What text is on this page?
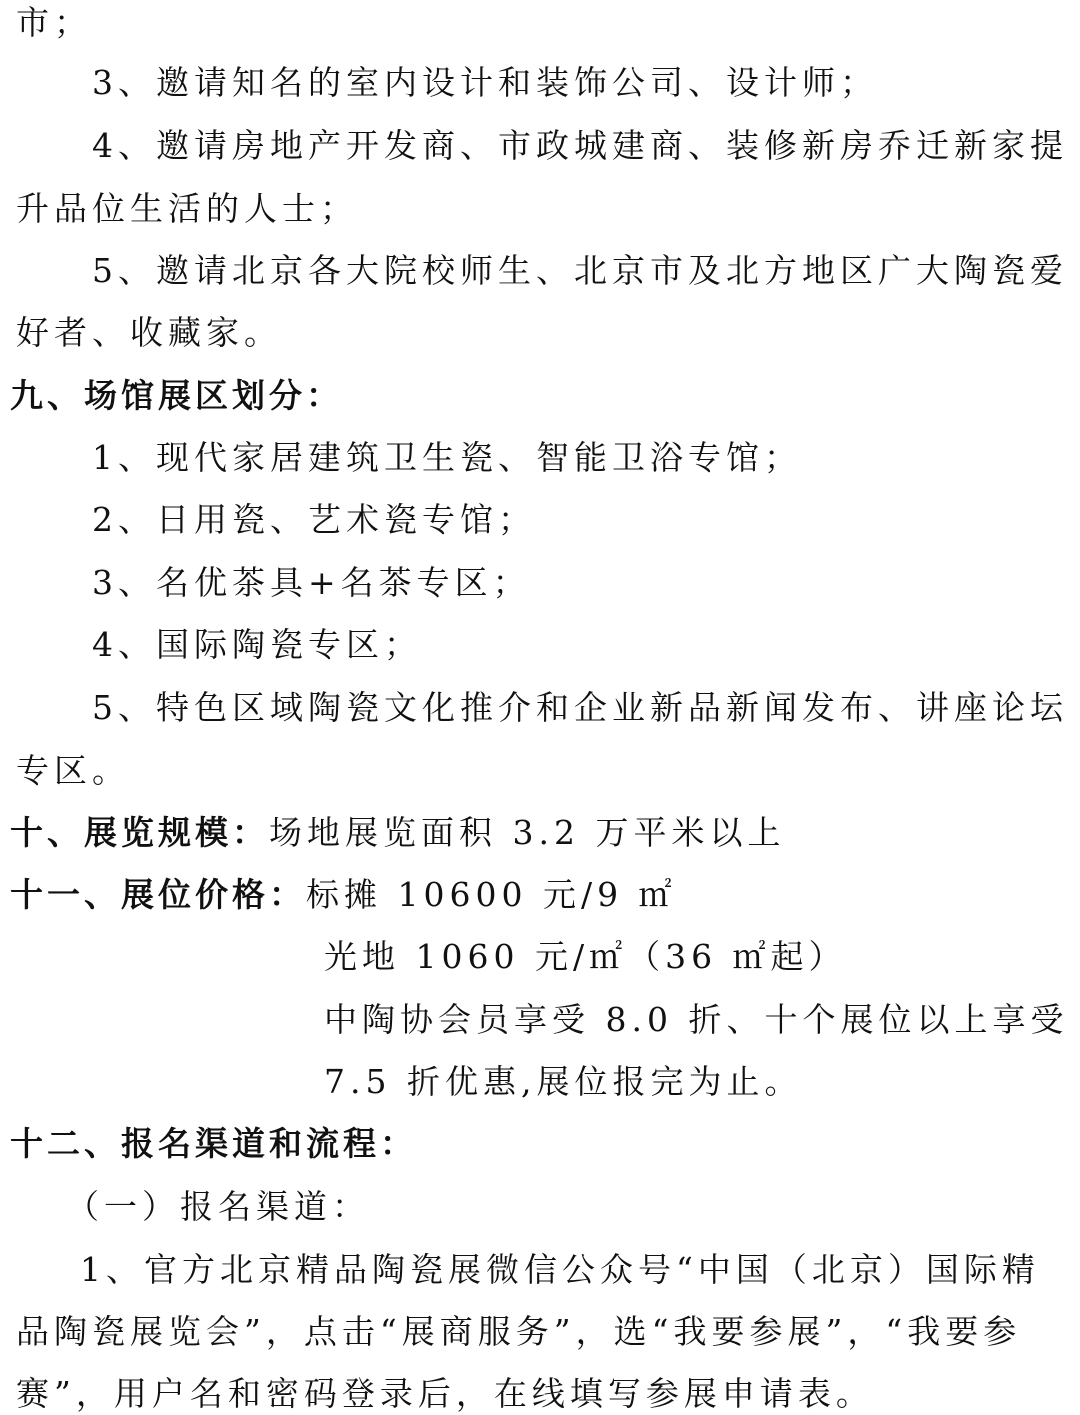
市；
3、邀请知名的室内设计和装饰公司、设计师；
4、邀请房地产开发商、市政城建商、装修新房乔迁新家提
升品位生活的人士；
5、邀请北京各大院校师生、北京市及北方地区广大陶瓷爱
好者、收藏家。
九、场馆展区划分：
1、现代家居建筑卫生瓷、智能卫浴专馆；
2、日用瓷、艺术瓷专馆；
3、名优茶具+名茶专区；
4、国际陶瓷专区；
5、特色区域陶瓷文化推介和企业新品新闻发布、讲座论坛
专区。
十、展览规模：场地展览面积 3.2 万平米以上
十一、展位价格：标摊 10600 元/9 ㎡
光地 1060 元/㎡（36 ㎡起）
中陶协会员享受 8.0 折、十个展位以上享受
7.5 折优惠,展位报完为止。
十二、报名渠道和流程：
（一）报名渠道：
1、官方北京精品陶瓷展微信公众号“中国（北京）国际精
品陶瓷展览会”，点击“展商服务”，选“我要参展”，“我要参
赛”，用户名和密码登录后，在线填写参展申请表。
